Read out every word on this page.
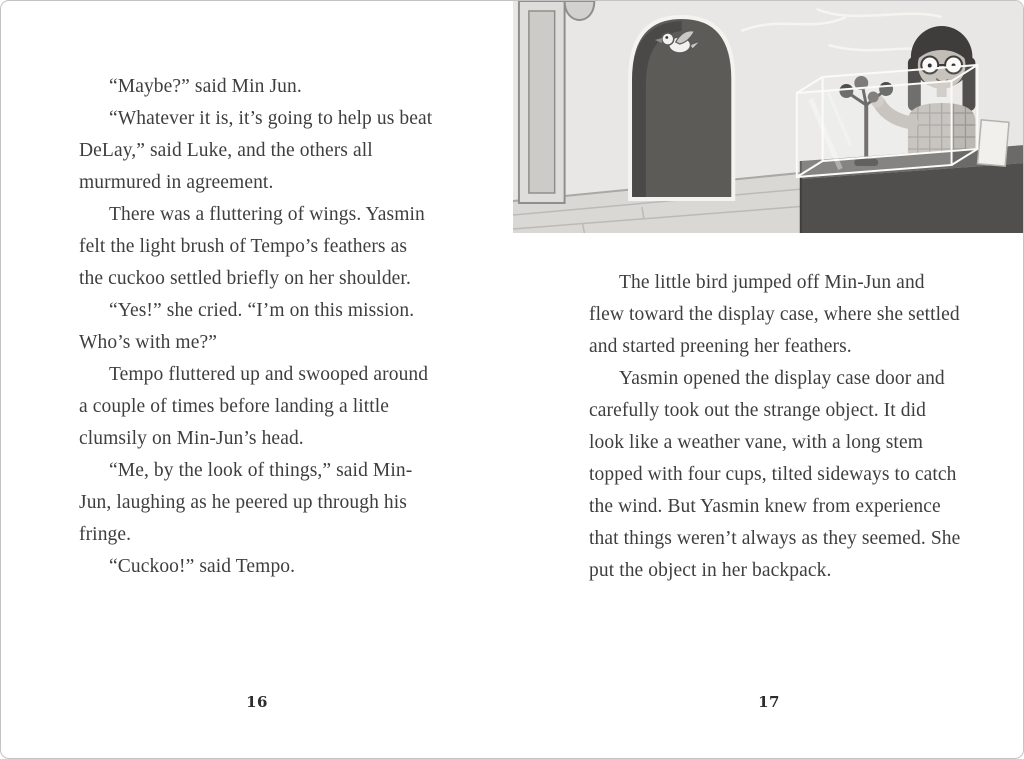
“Maybe?” said Min Jun.

“Whatever it is, it’s going to help us beat DeLay,” said Luke, and the others all murmured in agreement.

There was a fluttering of wings. Yasmin felt the light brush of Tempo’s feathers as the cuckoo settled briefly on her shoulder.

“Yes!” she cried. “I’m on this mission. Who’s with me?”

Tempo fluttered up and swooped around a couple of times before landing a little clumsily on Min-Jun’s head.

“Me, by the look of things,” said Min-Jun, laughing as he peered up through his fringe.

“Cuckoo!” said Tempo.

16

The little bird jumped off Min-Jun and flew toward the display case, where she settled and started preening her feathers.

Yasmin opened the display case door and carefully took out the strange object. It did look like a weather vane, with a long stem topped with four cups, tilted sideways to catch the wind. But Yasmin knew from experience that things weren’t always as they seemed. She put the object in her backpack.

17
